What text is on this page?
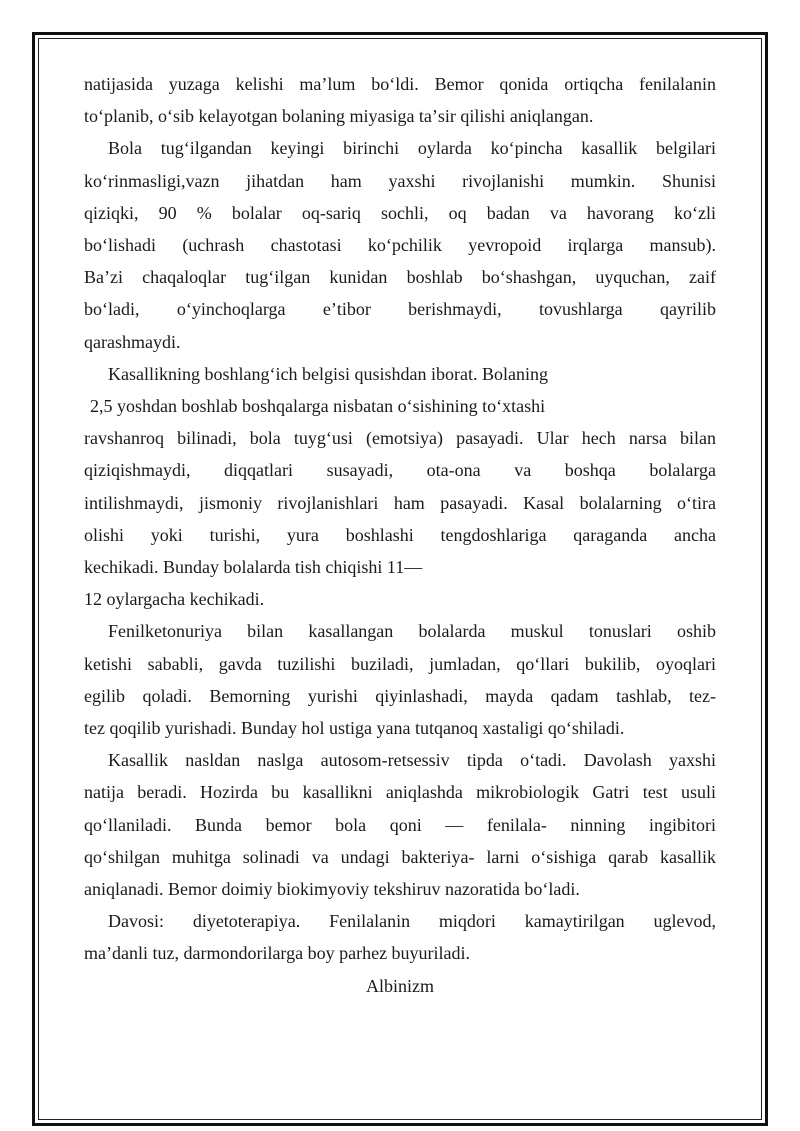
natijasida yuzaga kelishi maʼlum boʻldi. Bemor qonida ortiqcha fenilalanin

toʻplanib, oʻsib kelayotgan bolaning miyasiga taʼsir qilishi aniqlangan.

Bola tugʻilgandan keyingi birinchi oylarda koʻpincha kasallik belgilari

koʻrinmasligi,vazn jihatdan ham yaxshi rivojlanishi mumkin. Shunisi

qiziqki, 90 % bolalar oq-sariq sochli, oq badan va havorang koʻzli

boʻlishadi (uchrash chastotasi koʻpchilik yevropoid irqlarga mansub).

Baʼzi chaqaloqlar tugʻilgan kunidan boshlab boʻshashgan, uyquchan, zaif

boʻladi, oʻyinchoqlarga eʼtibor berishmaydi, tovushlarga qayrilib

qarashmaydi.

Kasallikning boshlangʻich belgisi qusishdan iborat. Bolaning

2,5 yoshdan boshlab boshqalarga nisbatan oʻsishining toʻxtashi

ravshanroq bilinadi, bola tuygʻusi (emotsiya) pasayadi. Ular hech narsa bilan

qiziqishmaydi, diqqatlari susayadi, ota-ona va boshqa bolalarga

intilishmaydi, jismoniy rivojlanishlari ham pasayadi. Kasal bolalarning oʻtira

olishi yoki turishi, yura boshlashi tengdoshlariga qaraganda ancha

kechikadi. Bunday bolalarda tish chiqishi 11—

12 oylargacha kechikadi.

Fenilketonuriya bilan kasallangan bolalarda muskul tonuslari oshib

ketishi sababli, gavda tuzilishi buziladi, jumladan, qoʻllari bukilib, oyoqlari

egilib qoladi. Bemorning yurishi qiyinlashadi, mayda qadam tashlab, tez-

tez qoqilib yurishadi. Bunday hol ustiga yana tutqanoq xastaligi qoʻshiladi.

Kasallik nasldan naslga autosom-retsessiv tipda oʻtadi. Davolash yaxshi

natija beradi. Hozirda bu kasallikni aniqlashda mikrobiologik Gatri test usuli

qoʻllaniladi. Bunda bemor bola qoni — fenilala- ninning ingibitori

qoʻshilgan muhitga solinadi va undagi bakteriya- larni oʻsishiga qarab kasallik

aniqlanadi. Bemor doimiy biokimyoviy tekshiruv nazoratida boʻladi.

Davosi: diyetoterapiya. Fenilalanin miqdori kamaytirilgan uglevod,

maʼdanli tuz, darmondorilarga boy parhez buyuriladi.

Albinizm
